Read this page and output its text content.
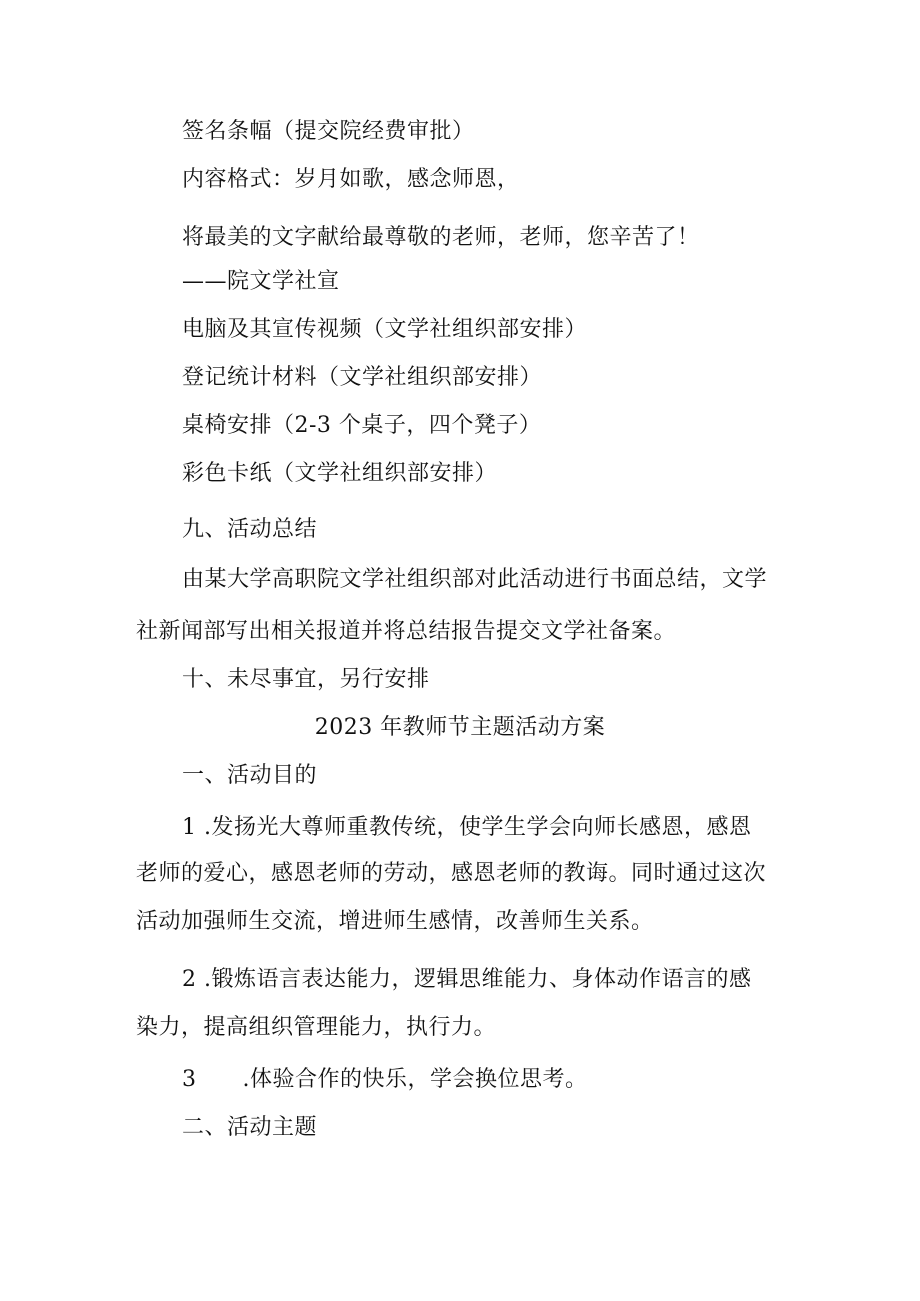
签名条幅（提交院经费审批）
内容格式：岁月如歌，感念师恩，
将最美的文字献给最尊敬的老师，老师，您辛苦了！
——院文学社宣
电脑及其宣传视频（文学社组织部安排）
登记统计材料（文学社组织部安排）
桌椅安排（2-3 个桌子，四个凳子）
彩色卡纸（文学社组织部安排）
九、活动总结
由某大学高职院文学社组织部对此活动进行书面总结，文学
社新闻部写出相关报道并将总结报告提交文学社备案。
十、未尽事宜，另行安排
2023 年教师节主题活动方案
一、活动目的
1 .发扬光大尊师重教传统，使学生学会向师长感恩，感恩
老师的爱心，感恩老师的劳动，感恩老师的教诲。同时通过这次
活动加强师生交流，增进师生感情，改善师生关系。
2 .锻炼语言表达能力，逻辑思维能力、身体动作语言的感
染力，提高组织管理能力，执行力。
3 .体验合作的快乐，学会换位思考。
二、活动主题
